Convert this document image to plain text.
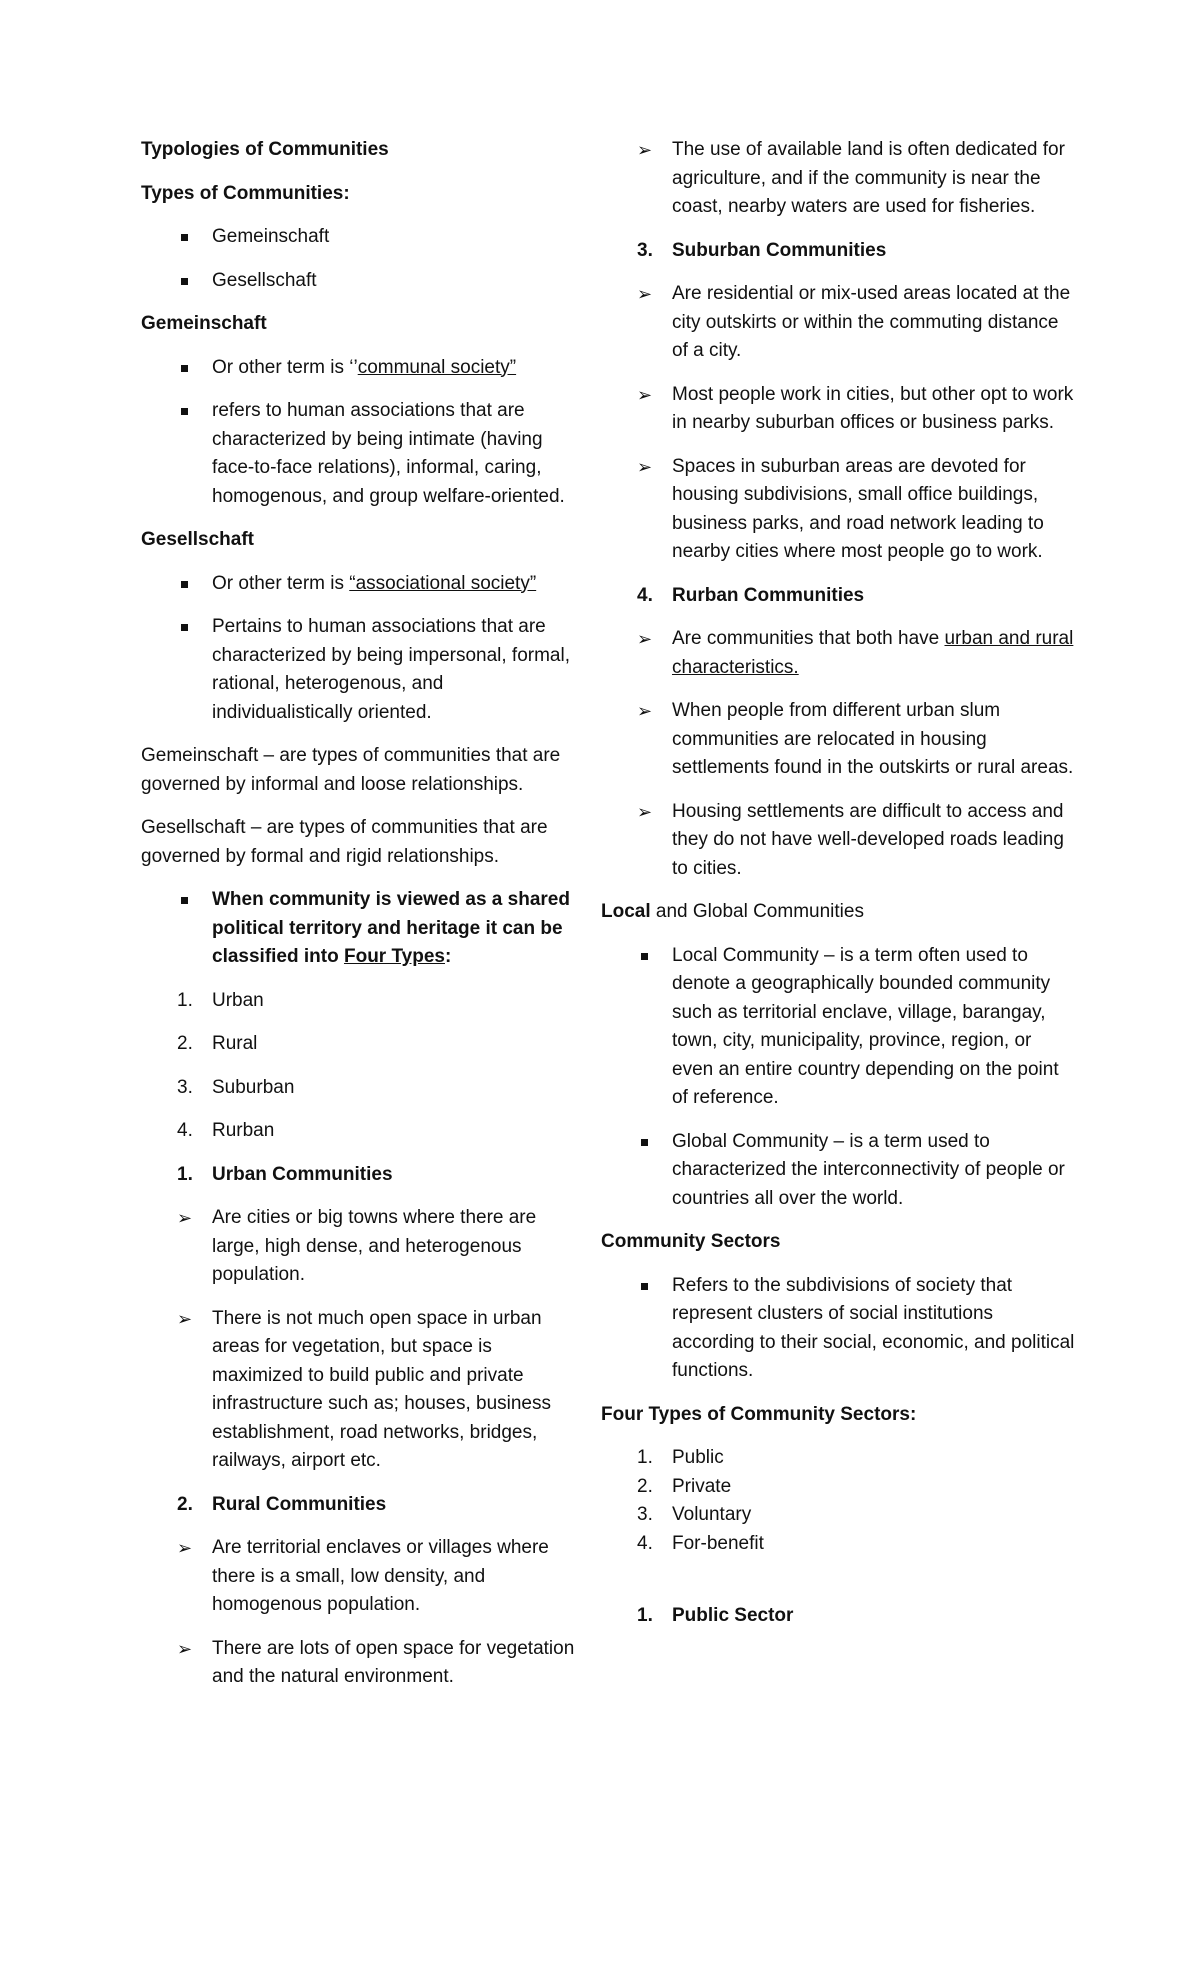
Typologies of Communities

Types of Communities:

Gemeinschaft
Gesellschaft

Gemeinschaft

Or other term is ‘’communal society”
refers to human associations that are characterized by being intimate (having face-to-face relations), informal, caring, homogenous, and group welfare-oriented.

Gesellschaft

Or other term is “associational society”
Pertains to human associations that are characterized by being impersonal, formal, rational, heterogenous, and individualistically oriented.

Gemeinschaft – are types of communities that are governed by informal and loose relationships.

Gesellschaft – are types of communities that are governed by formal and rigid relationships.

When community is viewed as a shared political territory and heritage it can be classified into Four Types:
1.	Urban
2.	Rural
3.	Suburban
4.	Rurban
1.	Urban Communities
➢ Are cities or big towns where there are large, high dense, and heterogenous population.
➢ There is not much open space in urban areas for vegetation, but space is maximized to build public and private infrastructure such as; houses, business establishment, road networks, bridges, railways, airport etc.
2.	Rural Communities
➢ Are territorial enclaves or villages where there is a small, low density, and homogenous population.
➢ There are lots of open space for vegetation and the natural environment.
➢ The use of available land is often dedicated for agriculture, and if the community is near the coast, nearby waters are used for fisheries.
3.	Suburban Communities
➢ Are residential or mix-used areas located at the city outskirts or within the commuting distance of a city.
➢ Most people work in cities, but other opt to work in nearby suburban offices or business parks.
➢ Spaces in suburban areas are devoted for housing subdivisions, small office buildings, business parks, and road network leading to nearby cities where most people go to work.
4.	Rurban Communities
➢ Are communities that both have urban and rural characteristics.
➢ When people from different urban slum communities are relocated in housing settlements found in the outskirts or rural areas.
➢ Housing settlements are difficult to access and they do not have well-developed roads leading to cities.

Local and Global Communities

Local Community – is a term often used to denote a geographically bounded community such as territorial enclave, village, barangay, town, city, municipality, province, region, or even an entire country depending on the point of reference.
Global Community – is a term used to characterized the interconnectivity of people or countries all over the world.

Community Sectors

Refers to the subdivisions of society that represent clusters of social institutions according to their social, economic, and political functions.

Four Types of Community Sectors:

1.	Public
2.	Private
3.	Voluntary
4.	For-benefit
1.	Public Sector
